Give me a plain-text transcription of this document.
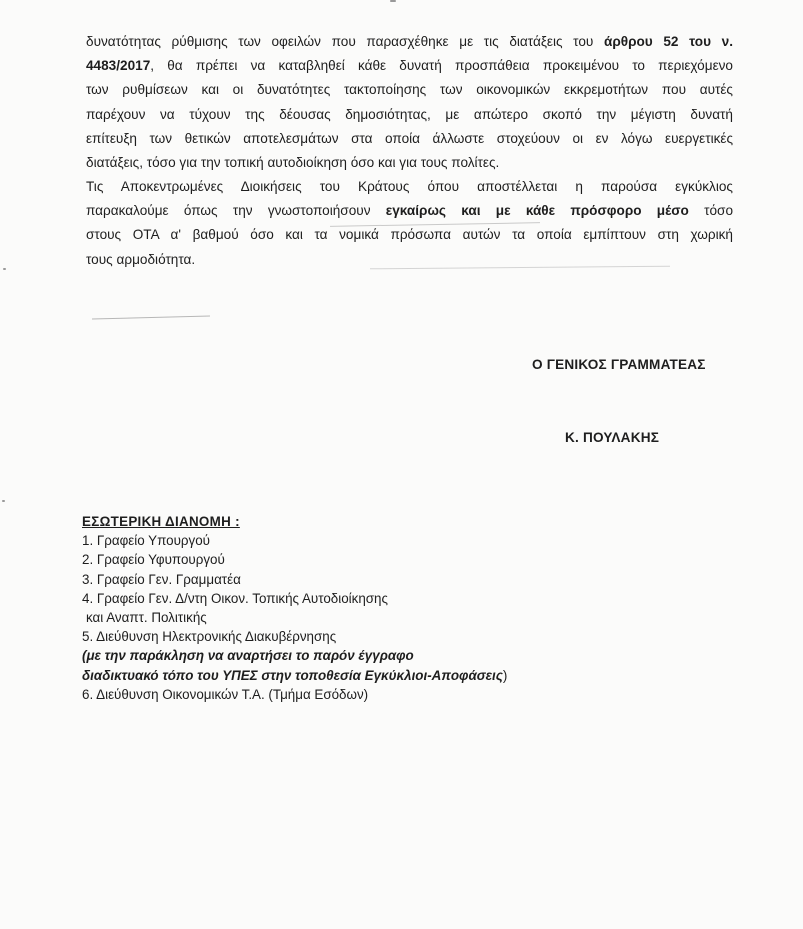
δυνατότητας ρύθμισης των οφειλών που παρασχέθηκε με τις διατάξεις του άρθρου 52 του ν.
4483/2017, θα πρέπει να καταβληθεί κάθε δυνατή προσπάθεια προκειμένου το περιεχόμενο
των ρυθμίσεων και οι δυνατότητες τακτοποίησης των οικονομικών εκκρεμοτήτων που αυτές
παρέχουν να τύχουν της δέουσας δημοσιότητας, με απώτερο σκοπό την μέγιστη δυνατή
επίτευξη των θετικών αποτελεσμάτων στα οποία άλλωστε στοχεύουν οι εν λόγω ευεργετικές
διατάξεις, τόσο για την τοπική αυτοδιοίκηση όσο και για τους πολίτες.
Τις Αποκεντρωμένες Διοικήσεις του Κράτους όπου αποστέλλεται η παρούσα εγκύκλιος
παρακαλούμε όπως την γνωστοποιήσουν εγκαίρως και με κάθε πρόσφορο μέσο τόσο
στους ΟΤΑ α' βαθμού όσο και τα νομικά πρόσωπα αυτών τα οποία εμπίπτουν στη χωρική
τους αρμοδιότητα.
Ο ΓΕΝΙΚΟΣ ΓΡΑΜΜΑΤΕΑΣ
Κ. ΠΟΥΛΑΚΗΣ
ΕΣΩΤΕΡΙΚΗ ΔΙΑΝΟΜΗ :
1. Γραφείο Υπουργού
2. Γραφείο Υφυπουργού
3. Γραφείο Γεν. Γραμματέα
4. Γραφείο Γεν. Δ/ντη Οικον. Τοπικής Αυτοδιοίκησης
και Αναπτ. Πολιτικής
5. Διεύθυνση Ηλεκτρονικής Διακυβέρνησης
(με την παράκληση να αναρτήσει το παρόν έγγραφο
διαδικτυακό τόπο του ΥΠΕΣ στην τοποθεσία Εγκύκλιοι-Αποφάσεις)
6. Διεύθυνση Οικονομικών Τ.Α. (Τμήμα Εσόδων)
